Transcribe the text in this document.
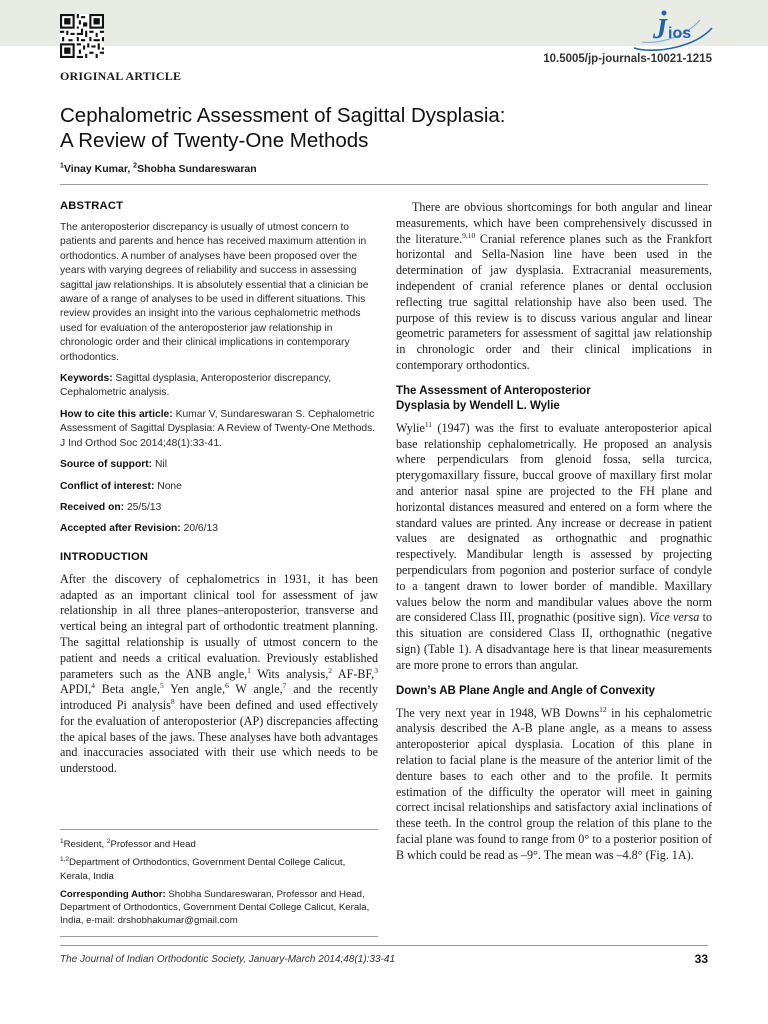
J ios
10.5005/jp-journals-10021-1215
ORIGINAL ARTICLE
Cephalometric Assessment of Sagittal Dysplasia:
A Review of Twenty-One Methods
$^1$Vinay Kumar, $^2$Shobha Sundareswaran
ABSTRACT

The anteroposterior discrepancy is usually of utmost concern to patients and parents and hence has received maximum attention in orthodontics. A number of analyses have been proposed over the years with varying degrees of reliability and success in assessing sagittal jaw relationships. It is absolutely essential that a clinician be aware of a range of analyses to be used in different situations. This review provides an insight into the various cephalometric methods used for evaluation of the anteroposterior jaw relationship in chronologic order and their clinical implications in contemporary orthodontics.

Keywords: Sagittal dysplasia, Anteroposterior discrepancy, Cephalometric analysis.

How to cite this article: Kumar V, Sundareswaran S. Cephalometric Assessment of Sagittal Dysplasia: A Review of Twenty-One Methods. J Ind Orthod Soc 2014;48(1):33-41.

Source of support: Nil

Conflict of interest: None

Received on: 25/5/13

Accepted after Revision: 20/6/13

INTRODUCTION

After the discovery of cephalometrics in 1931, it has been adapted as an important clinical tool for assessment of jaw relationship in all three planes–anteroposterior, transverse and vertical being an integral part of orthodontic treatment planning. The sagittal relationship is usually of utmost concern to the patient and needs a critical evaluation. Previously established parameters such as the ANB angle,$^1$ Wits analysis,$^2$ AF-BF,$^3$ APDI,$^4$ Beta angle,$^5$ Yen angle,$^6$ W angle,$^7$ and the recently introduced Pi analysis$^8$ have been defined and used effectively for the evaluation of anteroposterior (AP) discrepancies affecting the apical bases of the jaws. These analyses have both advantages and inaccuracies associated with their use which needs to be understood.

$^1$Resident, $^2$Professor and Head
$^{1,2}$Department of Orthodontics, Government Dental College Calicut, Kerala, India
Corresponding Author: Shobha Sundareswaran, Professor and Head, Department of Orthodontics, Government Dental College Calicut, Kerala, India, e-mail: drshobhakumar@gmail.com

There are obvious shortcomings for both angular and linear measurements, which have been comprehensively discussed in the literature.$^{9,10}$ Cranial reference planes such as the Frankfort horizontal and Sella-Nasion line have been used in the determination of jaw dysplasia. Extracranial measurements, independent of cranial reference planes or dental occlusion reflecting true sagittal relationship have also been used. The purpose of this review is to discuss various angular and linear geometric parameters for assessment of sagittal jaw relationship in chronologic order and their clinical implications in contemporary orthodontics.

The Assessment of Anteroposterior
Dysplasia by Wendell L. Wylie

Wylie$^{11}$ (1947) was the first to evaluate anteroposterior apical base relationship cephalometrically. He proposed an analysis where perpendiculars from glenoid fossa, sella turcica, pterygomaxillary fissure, buccal groove of maxillary first molar and anterior nasal spine are projected to the FH plane and horizontal distances measured and entered on a form where the standard values are printed. Any increase or decrease in patient values are designated as orthognathic and prognathic respectively. Mandibular length is assessed by projecting perpendiculars from pogonion and posterior surface of condyle to a tangent drawn to lower border of mandible. Maxillary values below the norm and mandibular values above the norm are considered Class III, prognathic (positive sign). Vice versa to this situation are considered Class II, orthognathic (negative sign) (Table 1). A disadvantage here is that linear measurements are more prone to errors than angular.

Down’s AB Plane Angle and Angle of Convexity

The very next year in 1948, WB Downs$^{12}$ in his cephalometric analysis described the A-B plane angle, as a means to assess anteroposterior apical dysplasia. Location of this plane in relation to facial plane is the measure of the anterior limit of the denture bases to each other and to the profile. It permits estimation of the difficulty the operator will meet in gaining correct incisal relationships and satisfactory axial inclinations of these teeth. In the control group the relation of this plane to the facial plane was found to range from 0° to a posterior position of B which could be read as –9°. The mean was –4.8° (Fig. 1A).

The Journal of Indian Orthodontic Society, January-March 2014;48(1):33-41	33
